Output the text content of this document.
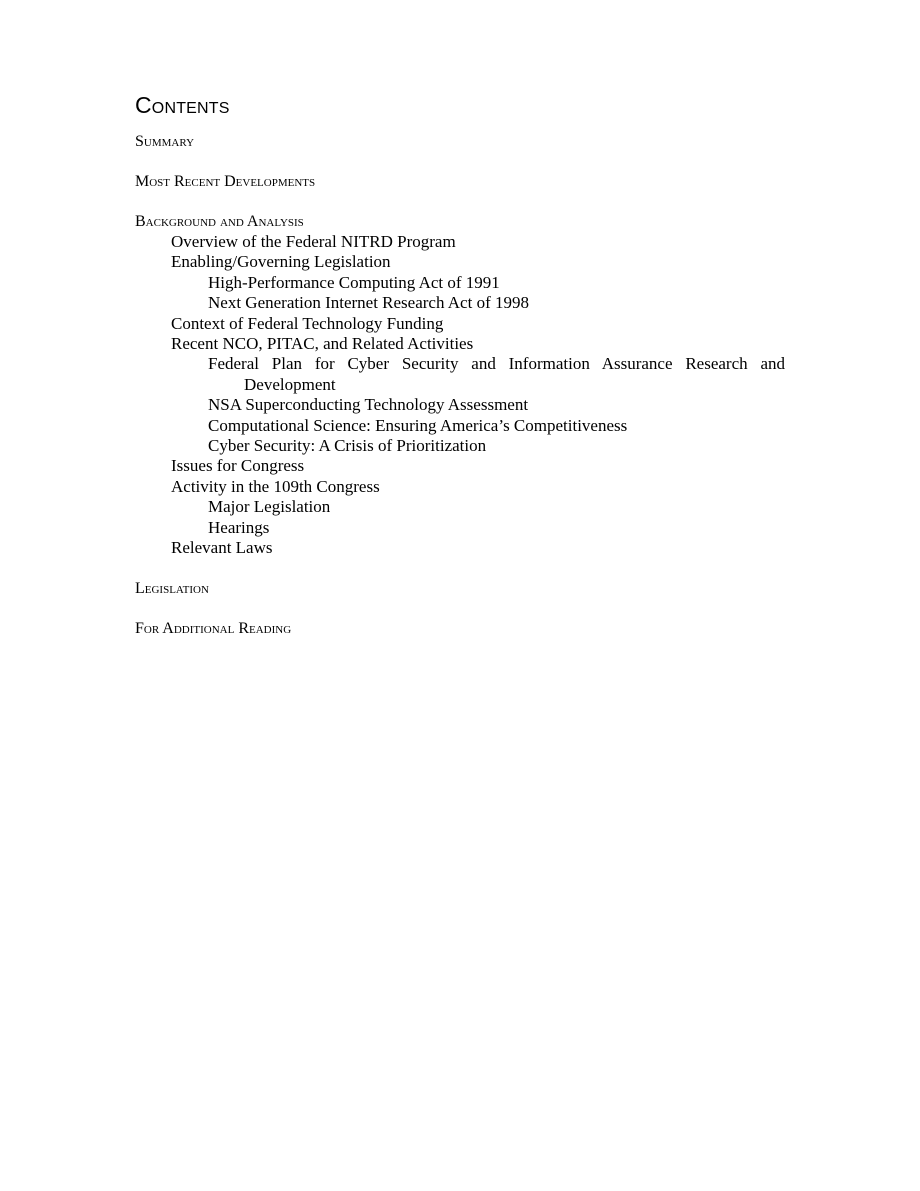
Contents
Summary
Most Recent Developments
Background and Analysis
Overview of the Federal NITRD Program
Enabling/Governing Legislation
High-Performance Computing Act of 1991
Next Generation Internet Research Act of 1998
Context of Federal Technology Funding
Recent NCO, PITAC, and Related Activities
Federal Plan for Cyber Security and Information Assurance Research and Development
NSA Superconducting Technology Assessment
Computational Science: Ensuring America’s Competitiveness
Cyber Security: A Crisis of Prioritization
Issues for Congress
Activity in the 109th Congress
Major Legislation
Hearings
Relevant Laws
Legislation
For Additional Reading
